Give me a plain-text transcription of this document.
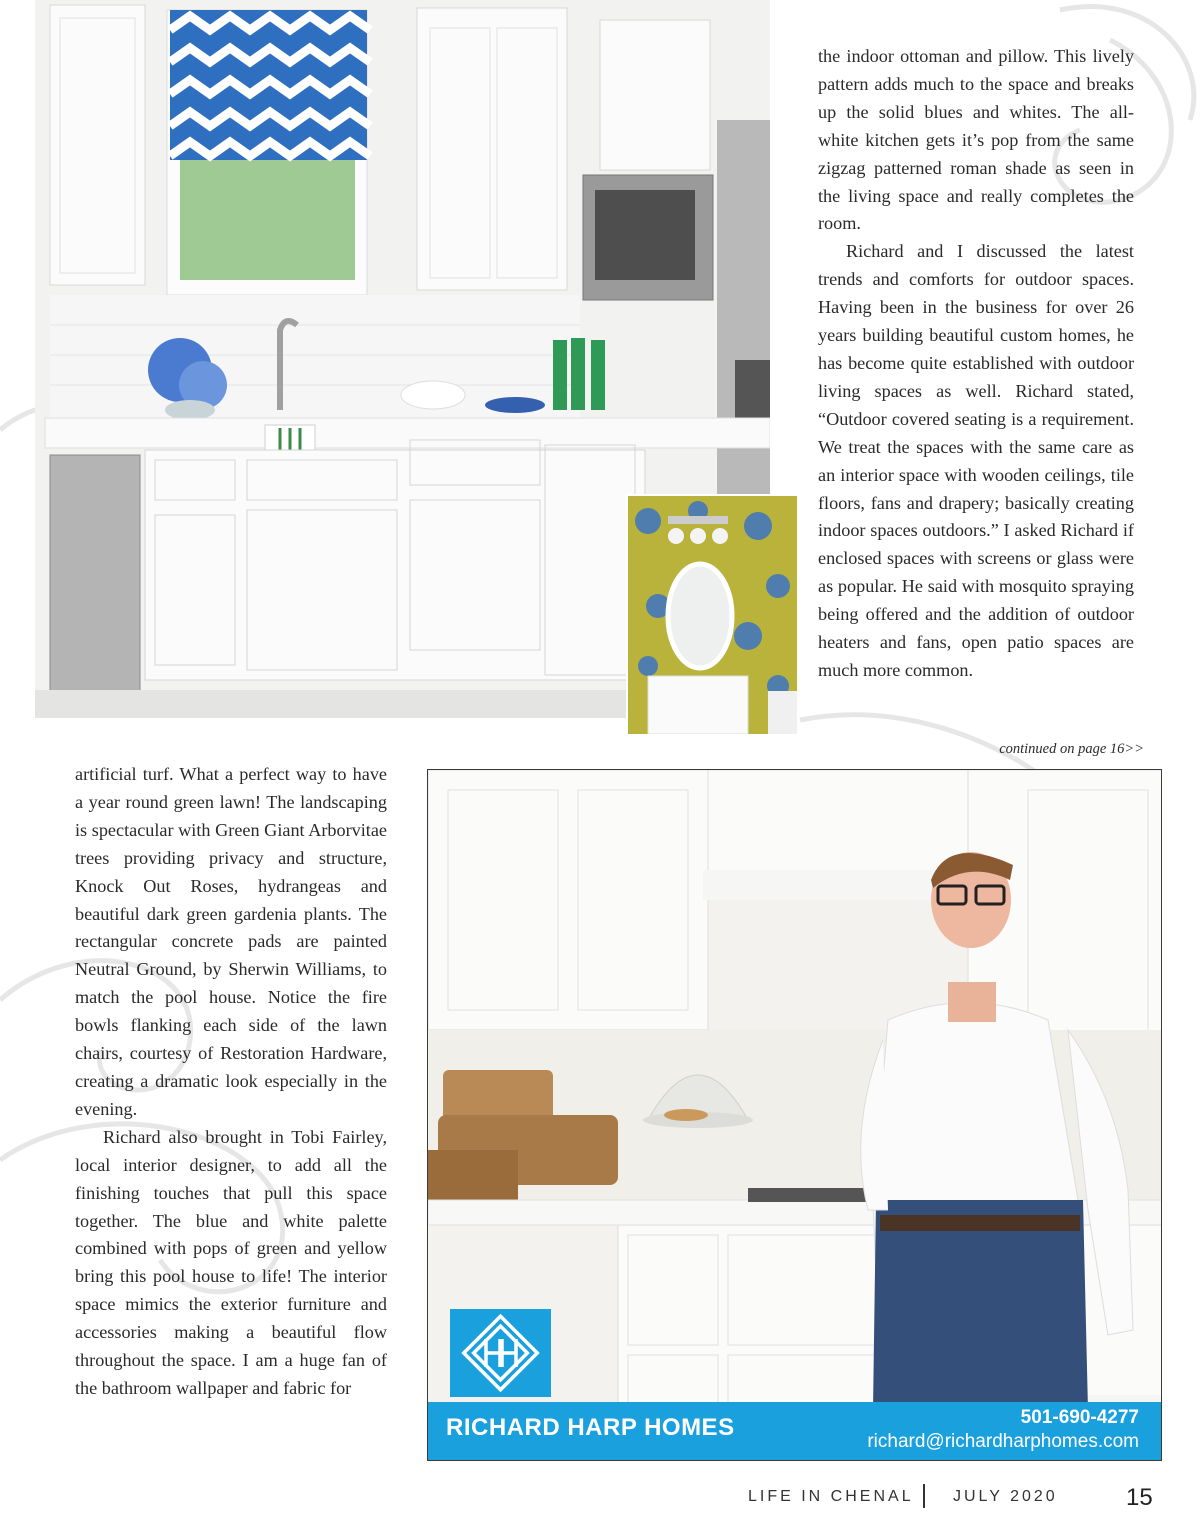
the indoor ottoman and pillow. This lively pattern adds much to the space and breaks up the solid blues and whites. The all- white kitchen gets it’s pop from the same zigzag patterned roman shade as seen in the living space and really completes the room.

Richard and I discussed the latest trends and comforts for outdoor spaces. Having been in the business for over 26 years building beautiful custom homes, he has become quite established with outdoor living spaces as well. Richard stated, “Outdoor covered seating is a requirement. We treat the spaces with the same care as an interior space with wooden ceilings, tile floors, fans and drapery; basically creating indoor spaces outdoors.” I asked Richard if enclosed spaces with screens or glass were as popular. He said with mosquito spraying being offered and the addition of outdoor heaters and fans, open patio spaces are much more common.

continued on page 16>>

artificial turf. What a perfect way to have a year round green lawn! The landscaping is spectacular with Green Giant Arborvitae trees providing privacy and structure, Knock Out Roses, hydrangeas and beautiful dark green gardenia plants. The rectangular concrete pads are painted Neutral Ground, by Sherwin Williams, to match the pool house. Notice the fire bowls flanking each side of the lawn chairs, courtesy of Restoration Hardware, creating a dramatic look especially in the evening.

Richard also brought in Tobi Fairley, local interior designer, to add all the finishing touches that pull this space together. The blue and white palette combined with pops of green and yellow bring this pool house to life! The interior space mimics the exterior furniture and accessories making a beautiful flow throughout the space. I am a huge fan of the bathroom wallpaper and fabric for

RICHARD HARP HOMES	501-690-4277
richard@richardharphomes.com
LIFE IN CHENAL JULY 2020	15
